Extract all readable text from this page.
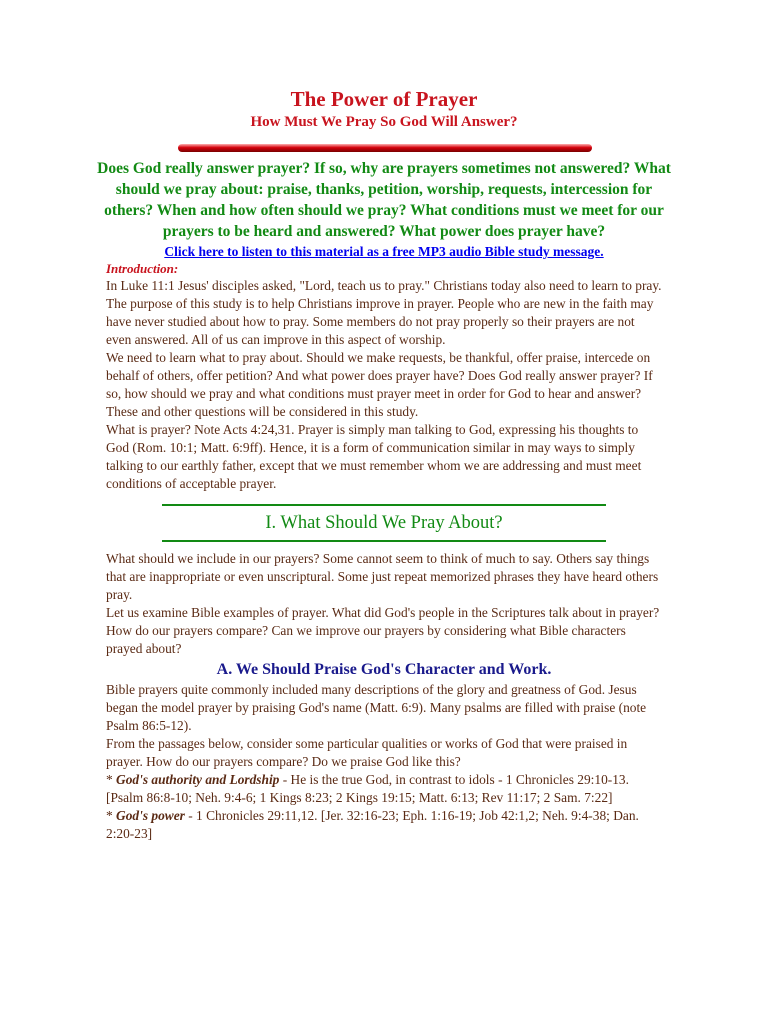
The Power of Prayer
How Must We Pray So God Will Answer?
Does God really answer prayer? If so, why are prayers sometimes not answered? What should we pray about: praise, thanks, petition, worship, requests, intercession for others? When and how often should we pray? What conditions must we meet for our prayers to be heard and answered? What power does prayer have?
Click here to listen to this material as a free MP3 audio Bible study message.
Introduction:

In Luke 11:1 Jesus' disciples asked, "Lord, teach us to pray." Christians today also need to learn to pray.

The purpose of this study is to help Christians improve in prayer. People who are new in the faith may have never studied about how to pray. Some members do not pray properly so their prayers are not even answered. All of us can improve in this aspect of worship.

We need to learn what to pray about. Should we make requests, be thankful, offer praise, intercede on behalf of others, offer petition? And what power does prayer have? Does God really answer prayer? If so, how should we pray and what conditions must prayer meet in order for God to hear and answer? These and other questions will be considered in this study.

What is prayer? Note Acts 4:24,31. Prayer is simply man talking to God, expressing his thoughts to God (Rom. 10:1; Matt. 6:9ff). Hence, it is a form of communication similar in may ways to simply talking to our earthly father, except that we must remember whom we are addressing and must meet conditions of acceptable prayer.

I. What Should We Pray About?

What should we include in our prayers? Some cannot seem to think of much to say. Others say things that are inappropriate or even unscriptural. Some just repeat memorized phrases they have heard others pray.

Let us examine Bible examples of prayer. What did God's people in the Scriptures talk about in prayer? How do our prayers compare? Can we improve our prayers by considering what Bible characters prayed about?

A. We Should Praise God's Character and Work.

Bible prayers quite commonly included many descriptions of the glory and greatness of God. Jesus began the model prayer by praising God's name (Matt. 6:9). Many psalms are filled with praise (note Psalm 86:5-12).

From the passages below, consider some particular qualities or works of God that were praised in prayer. How do our prayers compare? Do we praise God like this?

* God's authority and Lordship - He is the true God, in contrast to idols - 1 Chronicles 29:10-13. [Psalm 86:8-10; Neh. 9:4-6; 1 Kings 8:23; 2 Kings 19:15; Matt. 6:13; Rev 11:17; 2 Sam. 7:22]

* God's power - 1 Chronicles 29:11,12. [Jer. 32:16-23; Eph. 1:16-19; Job 42:1,2; Neh. 9:4-38; Dan. 2:20-23]
